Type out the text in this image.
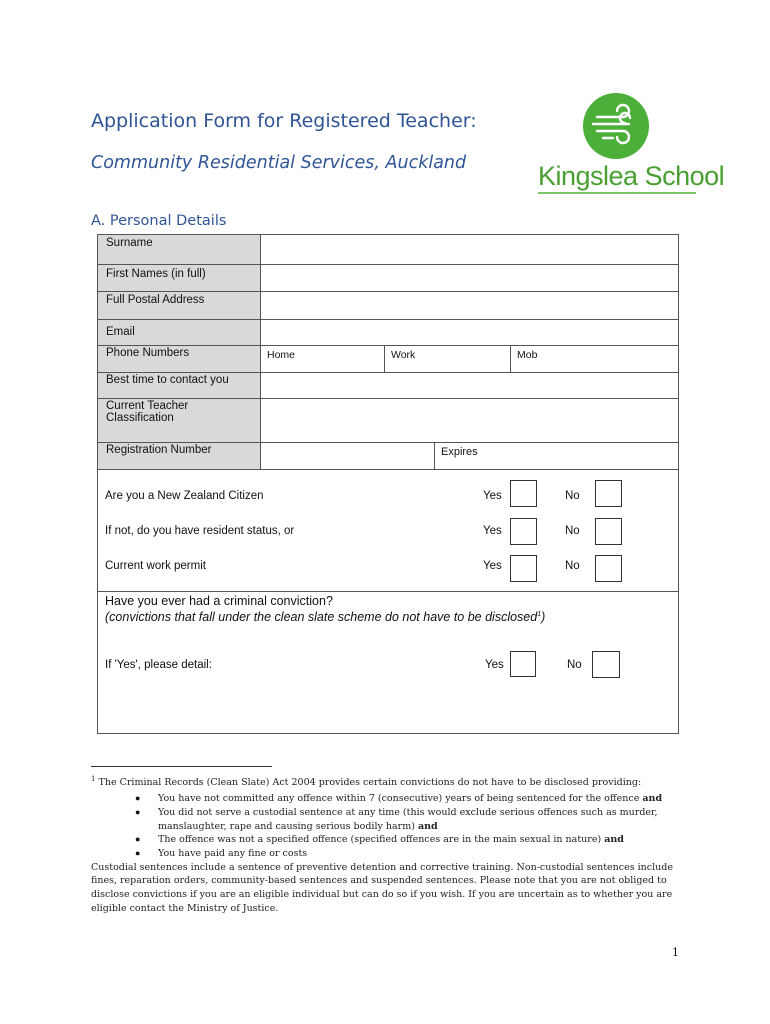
Application Form for Registered Teacher:
Community Residential Services, Auckland	Kingslea School
A. Personal Details
Surname
First Names (in full)
Full Postal Address
Email
Phone Numbers	Home	Work	Mob
Best time to contact you
Current Teacher Classification
Registration Number	Expires
Are you a New Zealand Citizen	Yes	No
If not, do you have resident status, or	Yes	No
Current work permit	Yes	No
Have you ever had a criminal conviction?
(convictions that fall under the clean slate scheme do not have to be disclosed$^1$)
If 'Yes', please detail:	Yes	No
$^1$ The Criminal Records (Clean Slate) Act 2004 provides certain convictions do not have to be disclosed providing:
● You have not committed any offence within 7 (consecutive) years of being sentenced for the offence and
● You did not serve a custodial sentence at any time (this would exclude serious offences such as murder,
manslaughter, rape and causing serious bodily harm) and
● The offence was not a specified offence (specified offences are in the main sexual in nature) and
● You have paid any fine or costs
Custodial sentences include a sentence of preventive detention and corrective training. Non-custodial sentences include
fines, reparation orders, community-based sentences and suspended sentences. Please note that you are not obliged to
disclose convictions if you are an eligible individual but can do so if you wish. If you are uncertain as to whether you are
eligible contact the Ministry of Justice.
1
